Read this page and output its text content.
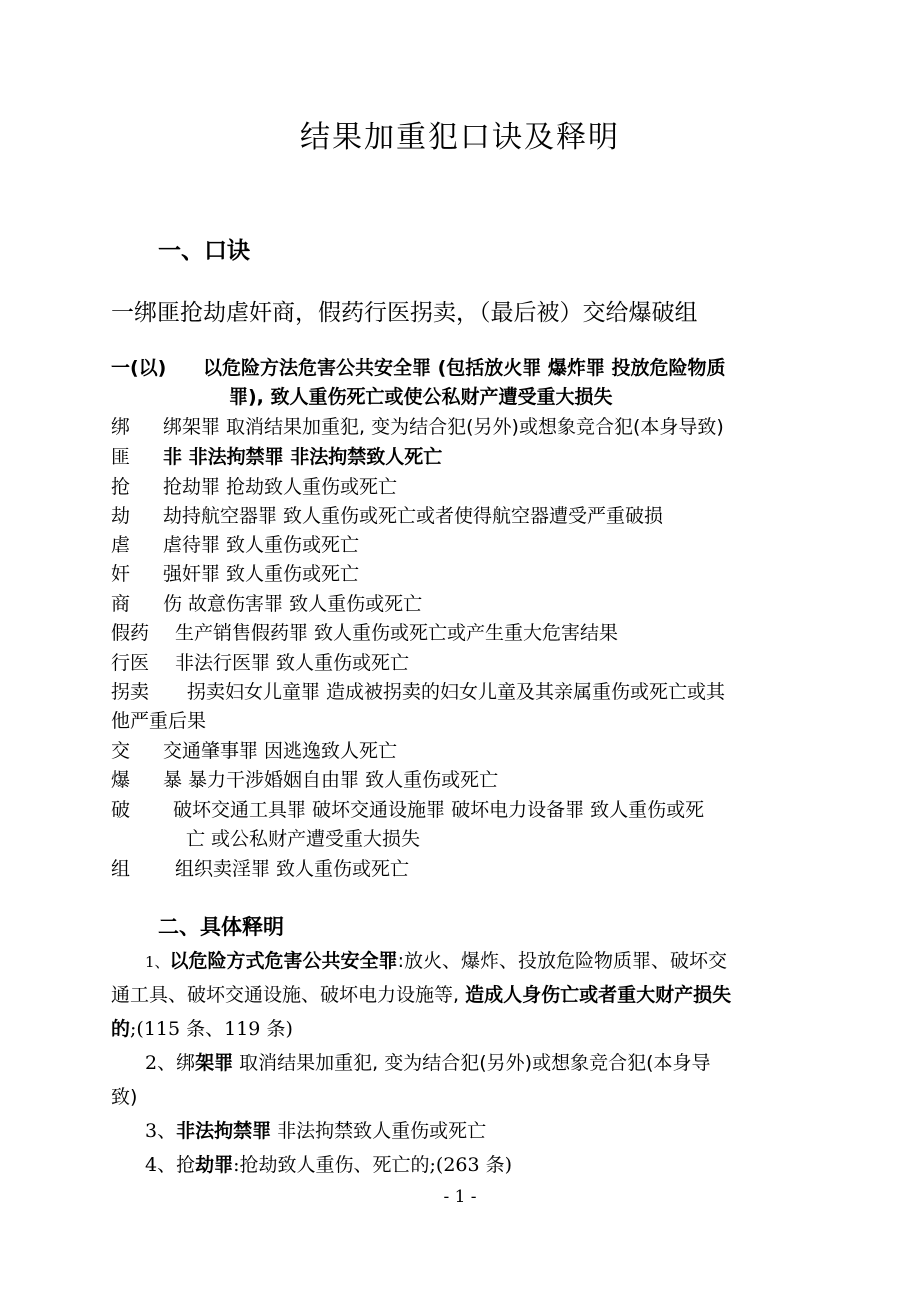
结果加重犯口诀及释明
一、口诀
一绑匪抢劫虐奸商，假药行医拐卖，（最后被）交给爆破组
一(以) 以危险方法危害公共安全罪 (包括放火罪 爆炸罪 投放危险物质
罪), 致人重伤死亡或使公私财产遭受重大损失
绑 绑架罪 取消结果加重犯, 变为结合犯(另外)或想象竞合犯(本身导致)
匪 非 非法拘禁罪 非法拘禁致人死亡
抢 抢劫罪 抢劫致人重伤或死亡
劫 劫持航空器罪 致人重伤或死亡或者使得航空器遭受严重破损
虐 虐待罪 致人重伤或死亡
奸 强奸罪 致人重伤或死亡
商 伤 故意伤害罪 致人重伤或死亡
假药 生产销售假药罪 致人重伤或死亡或产生重大危害结果
行医 非法行医罪 致人重伤或死亡
拐卖 拐卖妇女儿童罪 造成被拐卖的妇女儿童及其亲属重伤或死亡或其
他严重后果
交 交通肇事罪 因逃逸致人死亡
爆 暴 暴力干涉婚姻自由罪 致人重伤或死亡
破 破坏交通工具罪 破坏交通设施罪 破坏电力设备罪 致人重伤或死
亡 或公私财产遭受重大损失
组 组织卖淫罪 致人重伤或死亡
二、具体释明
1、以危险方式危害公共安全罪:放火、爆炸、投放危险物质罪、破坏交
通工具、破坏交通设施、破坏电力设施等, 造成人身伤亡或者重大财产损失
的;(115 条、119 条)
2、绑架罪 取消结果加重犯, 变为结合犯(另外)或想象竞合犯(本身导
致)
3、非法拘禁罪 非法拘禁致人重伤或死亡
4、抢劫罪:抢劫致人重伤、死亡的;(263 条)
- 1 -
